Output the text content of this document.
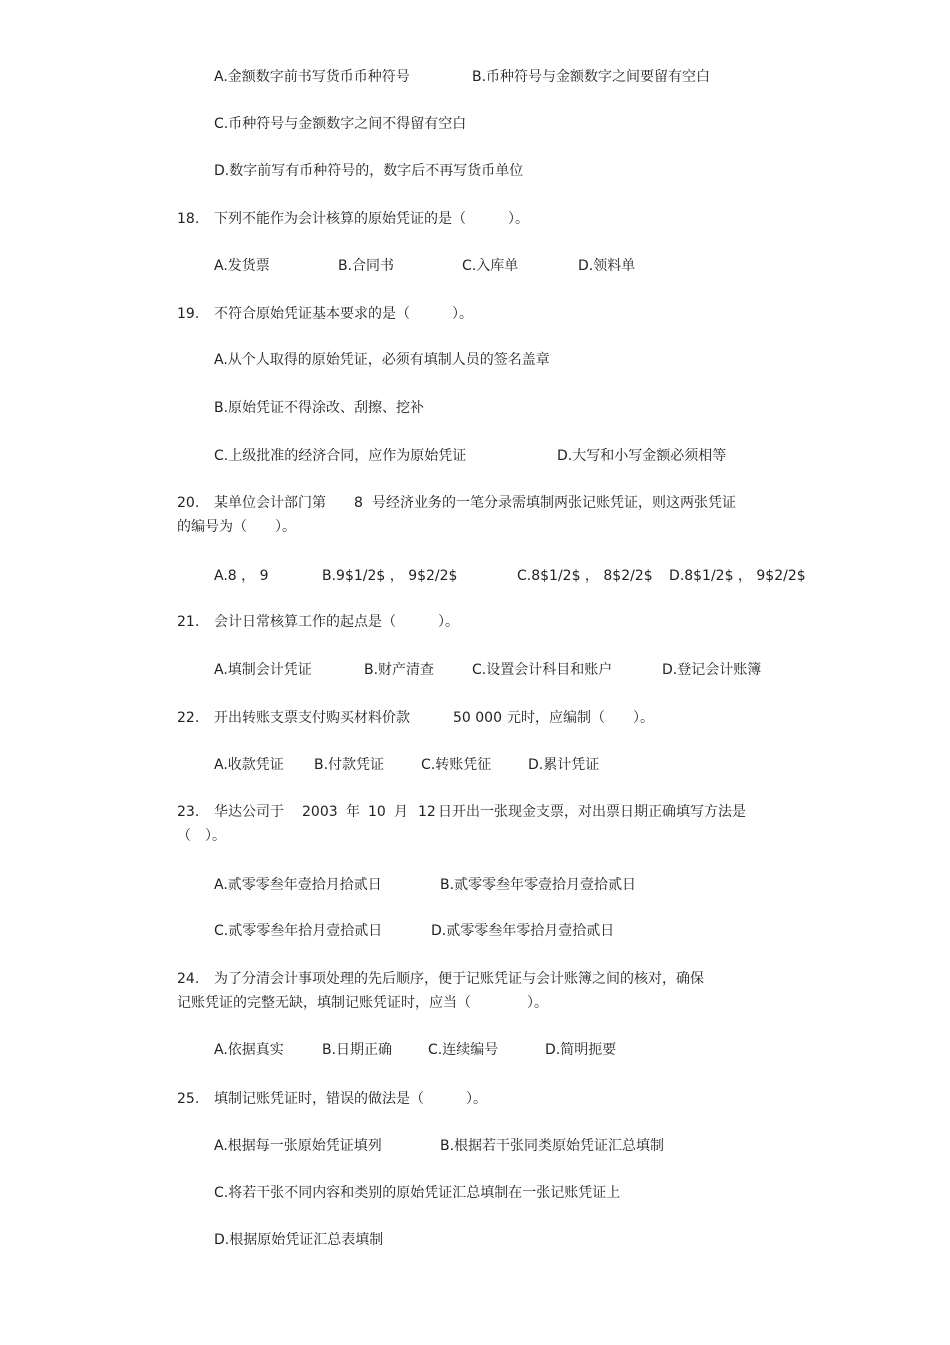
A.金额数字前书写货币币种符号	B.币种符号与金额数字之间要留有空白
C.币种符号与金额数字之间不得留有空白
D.数字前写有币种符号的，数字后不再写货币单位
18. 下列不能作为会计核算的原始凭证的是（　　　）。
A.发货票	B.合同书	C.入库单	D.领料单
19. 不符合原始凭证基本要求的是（　　　）。
A.从个人取得的原始凭证，必须有填制人员的签名盖章
B.原始凭证不得涂改、刮擦、挖补
C.上级批准的经济合同，应作为原始凭证	D.大写和小写金额必须相等
20. 某单位会计部门第 8 号经济业务的一笔分录需填制两张记账凭证，则这两张凭证
的编号为（　　）。
A.8 ， 9	B.9$1/2$ ， 9$2/2$	C.8$1/2$ ， 8$2/2$ D.8$1/2$ ， 9$2/2$
21. 会计日常核算工作的起点是（　　　）。
A.填制会计凭证	B.财产清查	C.设置会计科目和账户	D.登记会计账簿
22. 开出转账支票支付购买材料价款	50 000 元时，应编制（　　）。
A.收款凭证 B.付款凭证	C.转账凭征	D.累计凭证
23. 华达公司于 2003 年 10 月 12 日开出一张现金支票，对出票日期正确填写方法是
（　）。
A.贰零零叁年壹拾月拾贰日	B.贰零零叁年零壹拾月壹拾贰日
C.贰零零叁年拾月壹拾贰日	D.贰零零叁年零拾月壹拾贰日
24. 为了分清会计事项处理的先后顺序，便于记账凭证与会计账簿之间的核对，确保
记账凭证的完整无缺，填制记账凭证时，应当（　　　　）。
A.依据真实	B.日期正确	C.连续编号	D.简明扼要
25. 填制记账凭证时，错误的做法是（　　　）。
A.根据每一张原始凭证填列	B.根据若干张同类原始凭证汇总填制
C.将若干张不同内容和类别的原始凭证汇总填制在一张记账凭证上
D.根据原始凭证汇总表填制
